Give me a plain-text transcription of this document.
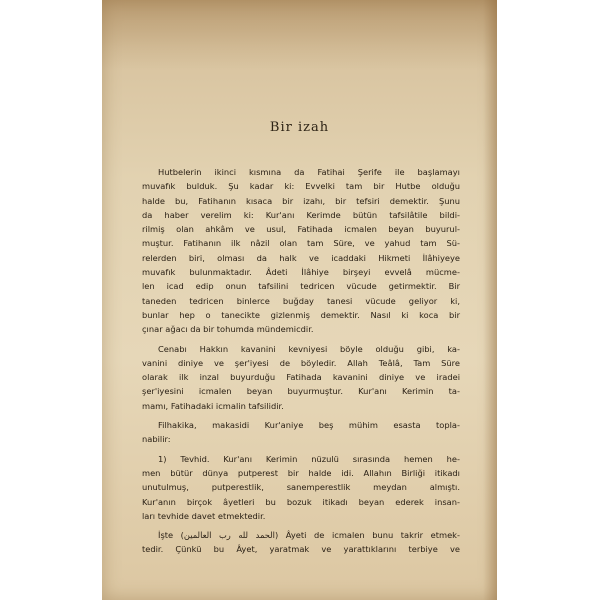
Bir izah
Hutbelerin ikinci kısmına da Fatihai Şerife ile başlamayı
muvafık bulduk. Şu kadar ki: Evvelki tam bir Hutbe olduğu
halde bu, Fatihanın kısaca bir izahı, bir tefsiri demektir. Şunu
da haber verelim ki: Kur'anı Kerimde bütün tafsilâtile bildi-
rilmiş olan ahkâm ve usul, Fatihada icmalen beyan buyurul-
muştur. Fatihanın ilk nâzil olan tam Süre, ve yahud tam Sü-
relerden biri, olması da halk ve icaddaki Hikmeti İlâhiyeye
muvafık bulunmaktadır. Âdeti İlâhiye birşeyi evvelâ mücme-
len icad edip onun tafsilini tedricen vücude getirmektir. Bir
taneden tedricen binlerce buğday tanesi vücude geliyor ki,
bunlar hep o tanecikte gizlenmiş demektir. Nasıl ki koca bir
çınar ağacı da bir tohumda mündemicdir.
Cenabı Hakkın kavanini kevniyesi böyle olduğu gibi, ka-
vanini diniye ve şer'iyesi de böyledir. Allah Teâlâ, Tam Süre
olarak ilk inzal buyurduğu Fatihada kavanini diniye ve iradei
şer'iyesini icmalen beyan buyurmuştur. Kur'anı Kerimin ta-
mamı, Fatihadaki icmalin tafsilidir.
Filhakika, makasidi Kur'aniye beş mühim esasta topla-
nabilir:
1) Tevhid. Kur'anı Kerimin nüzulü sırasında hemen he-
men bütür dünya putperest bir halde idi. Allahın Birliği itikadı
unutulmuş, putperestlik, sanemperestlik meydan almıştı.
Kur'anın birçok âyetleri bu bozuk itikadı beyan ederek insan-
ları tevhide davet etmektedir.
İşte (الحمد لله رب العالمين) Âyeti de icmalen bunu takrir etmek-
tedir. Çünkü bu Âyet, yaratmak ve yarattıklarını terbiye ve
